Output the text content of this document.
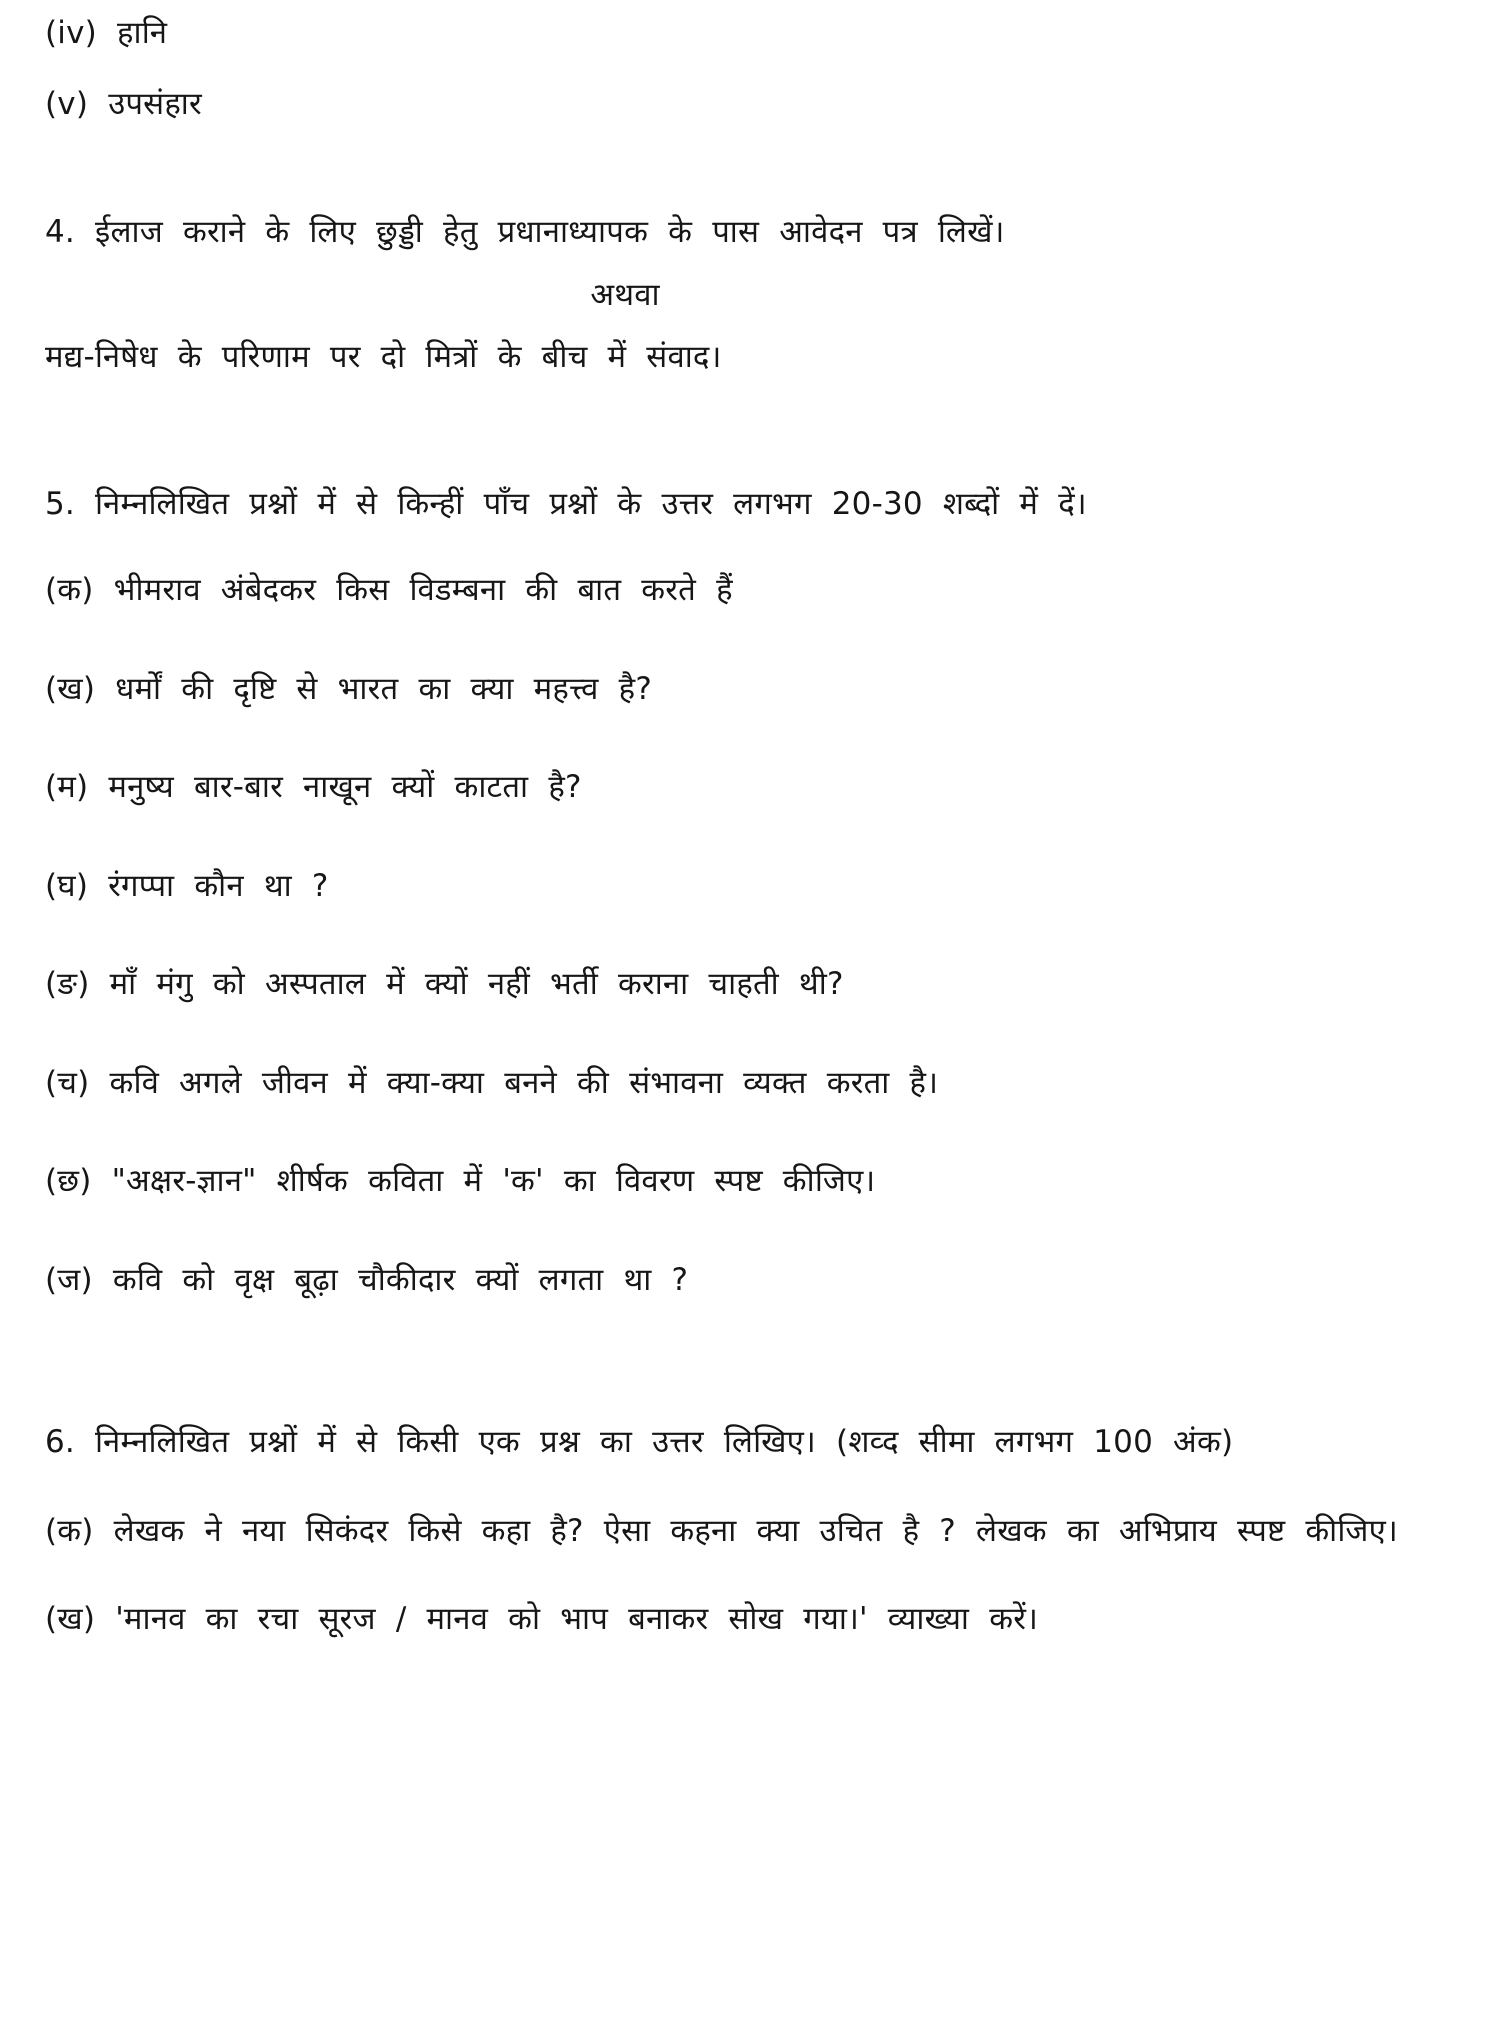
(iv) हानि
(v) उपसंहार
4. ईलाज कराने के लिए छुड्डी हेतु प्रधानाध्यापक के पास आवेदन पत्र लिखें।
अथवा
मद्य-निषेध के परिणाम पर दो मित्रों के बीच में संवाद।
5. निम्नलिखित प्रश्नों में से किन्हीं पाँच प्रश्नों के उत्तर लगभग 20-30 शब्दों में दें।
(क) भीमराव अंबेदकर किस विडम्बना की बात करते हैं
(ख) धर्मों की दृष्टि से भारत का क्या महत्त्व है?
(म) मनुष्य बार-बार नाखून क्यों काटता है?
(घ) रंगप्पा कौन था ?
(ङ) माँ मंगु को अस्पताल में क्यों नहीं भर्ती कराना चाहती थी?
(च) कवि अगले जीवन में क्या-क्या बनने की संभावना व्यक्त करता है।
(छ) "अक्षर-ज्ञान" शीर्षक कविता में 'क' का विवरण स्पष्ट कीजिए।
(ज) कवि को वृक्ष बूढ़ा चौकीदार क्यों लगता था ?
6. निम्नलिखित प्रश्नों में से किसी एक प्रश्न का उत्तर लिखिए। (शव्द सीमा लगभग 100 अंक)
(क) लेखक ने नया सिकंदर किसे कहा है? ऐसा कहना क्या उचित है ? लेखक का अभिप्राय स्पष्ट कीजिए।
(ख) 'मानव का रचा सूरज / मानव को भाप बनाकर सोख गया।' व्याख्या करें।
